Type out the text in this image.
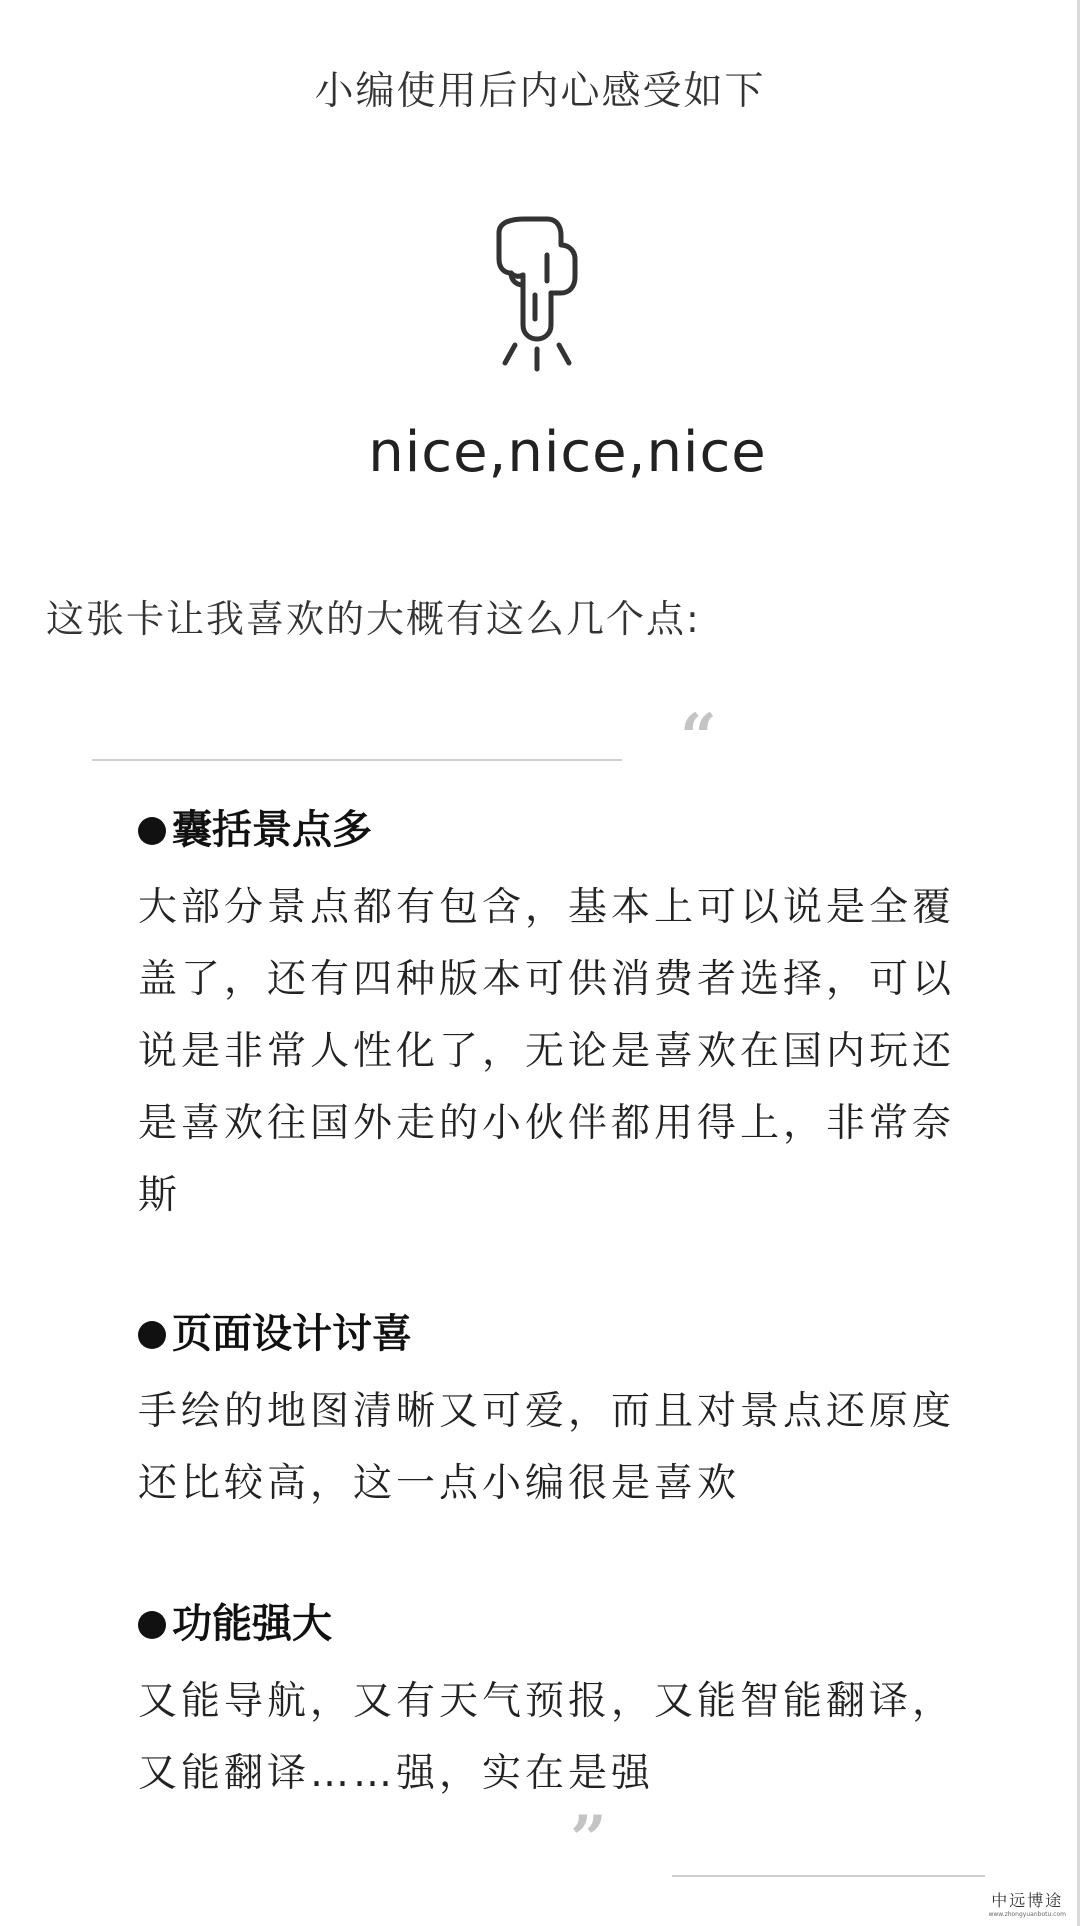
小编使用后内心感受如下
nice,nice,nice
这张卡让我喜欢的大概有这么几个点:
“
囊括景点多
大部分景点都有包含，基本上可以说是全覆盖了，还有四种版本可供消费者选择，可以说是非常人性化了，无论是喜欢在国内玩还是喜欢往国外走的小伙伴都用得上，非常奈斯
页面设计讨喜
手绘的地图清晰又可爱，而且对景点还原度还比较高，这一点小编很是喜欢
功能强大
又能导航，又有天气预报，又能智能翻译，又能翻译……强，实在是强
”
中远博途
www.zhongyuanbotu.com
